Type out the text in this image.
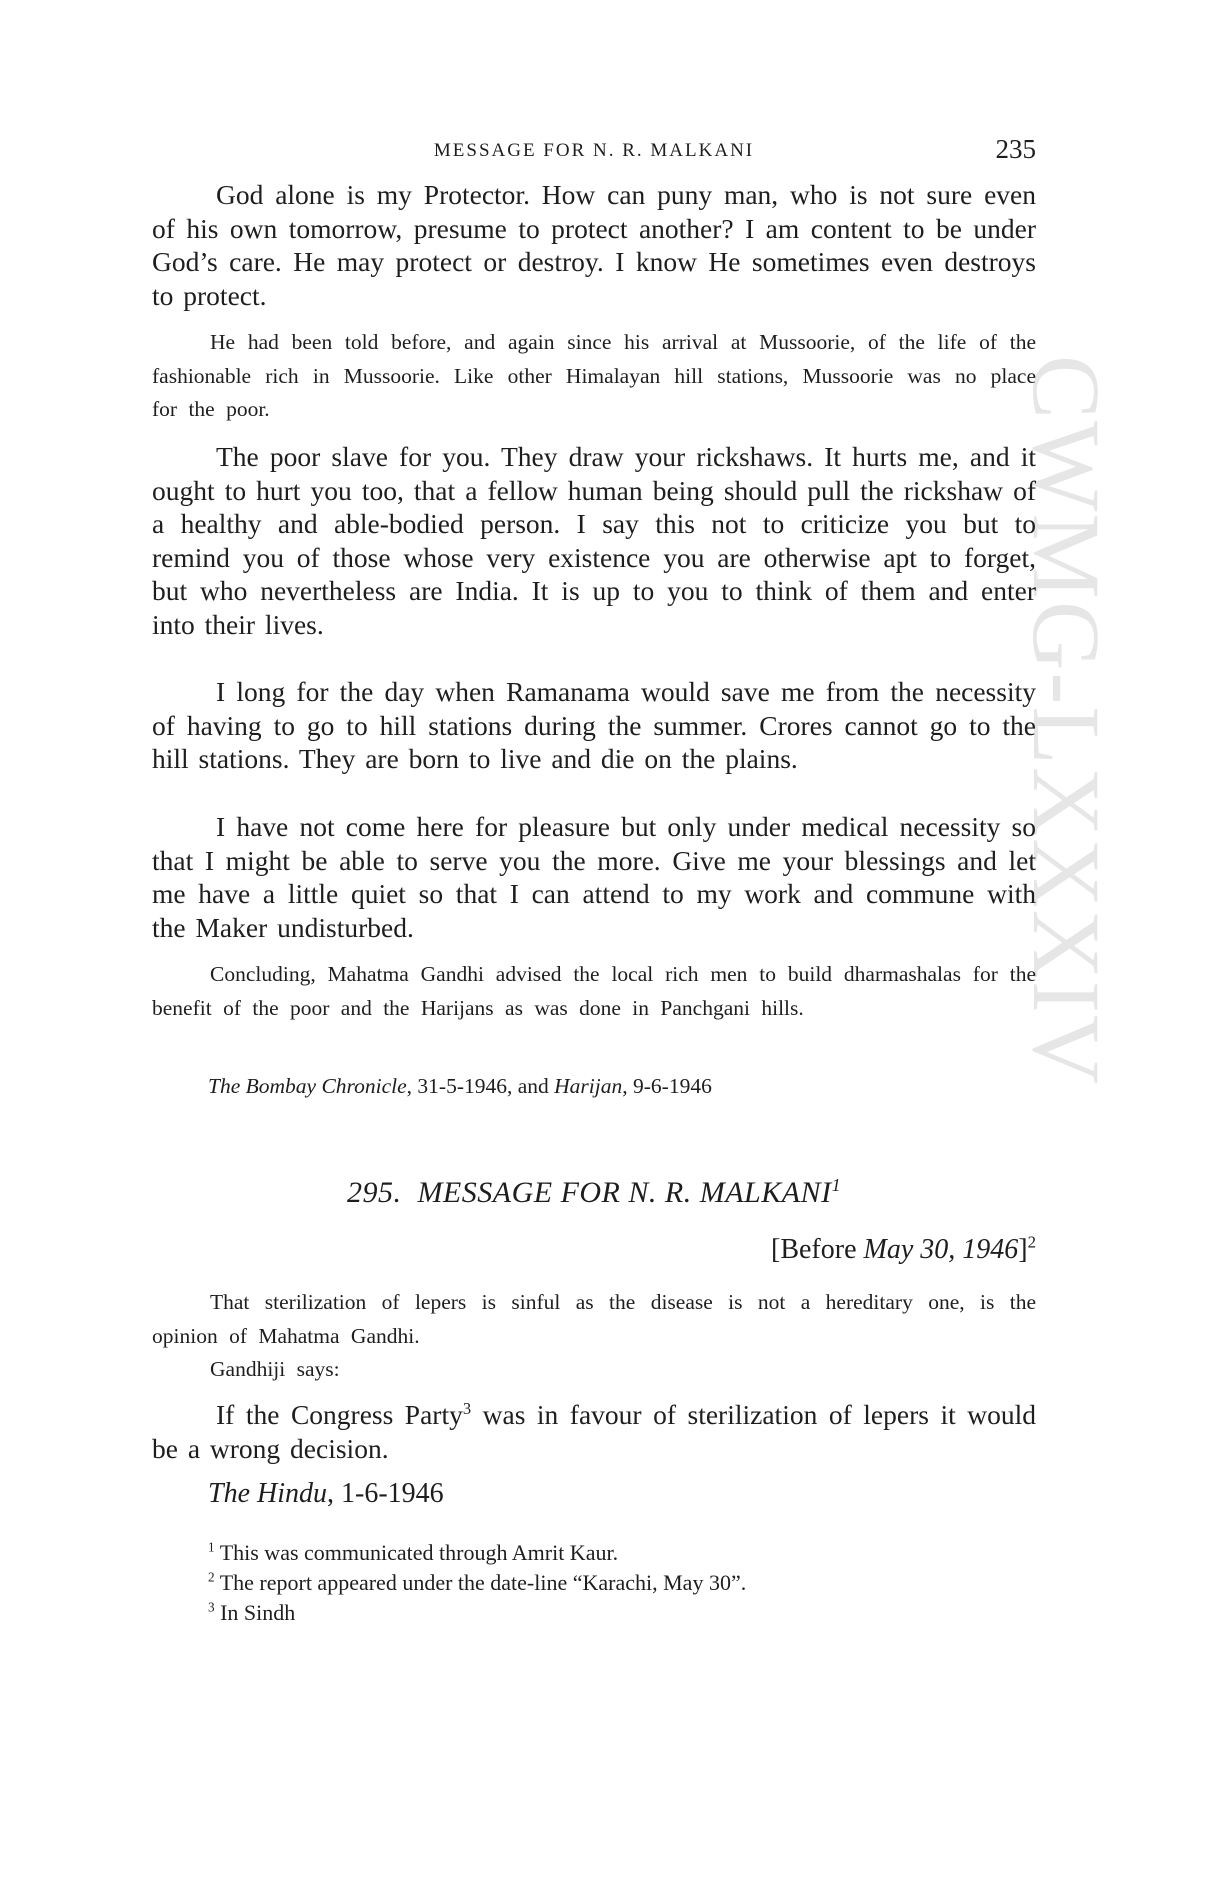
CWMG-LXXXIV
MESSAGE FOR N. R. MALKANI	235

God alone is my Protector. How can puny man, who is not sure even of his own tomorrow, presume to protect another? I am content to be under God’s care. He may protect or destroy. I know He sometimes even destroys to protect.

He had been told before, and again since his arrival at Mussoorie, of the life of the fashionable rich in Mussoorie. Like other Himalayan hill stations, Mussoorie was no place for the poor.

The poor slave for you. They draw your rickshaws. It hurts me, and it ought to hurt you too, that a fellow human being should pull the rickshaw of a healthy and able-bodied person. I say this not to criticize you but to remind you of those whose very existence you are otherwise apt to forget, but who nevertheless are India. It is up to you to think of them and enter into their lives.

I long for the day when Ramanama would save me from the necessity of having to go to hill stations during the summer. Crores cannot go to the hill stations. They are born to live and die on the plains.

I have not come here for pleasure but only under medical necessity so that I might be able to serve you the more. Give me your blessings and let me have a little quiet so that I can attend to my work and commune with the Maker undisturbed.

Concluding, Mahatma Gandhi advised the local rich men to build dharmashalas for the benefit of the poor and the Harijans as was done in Panchgani hills.

The Bombay Chronicle, 31-5-1946, and Harijan, 9-6-1946

295. MESSAGE FOR N. R. MALKANI$^1$
[Before May 30, 1946]$^2$

That sterilization of lepers is sinful as the disease is not a hereditary one, is the opinion of Mahatma Gandhi.

Gandhiji says:

If the Congress Party$^3$ was in favour of sterilization of lepers it would be a wrong decision.

The Hindu, 1-6-1946

$^1$ This was communicated through Amrit Kaur.
$^2$ The report appeared under the date-line “Karachi, May 30”.
$^3$ In Sindh
